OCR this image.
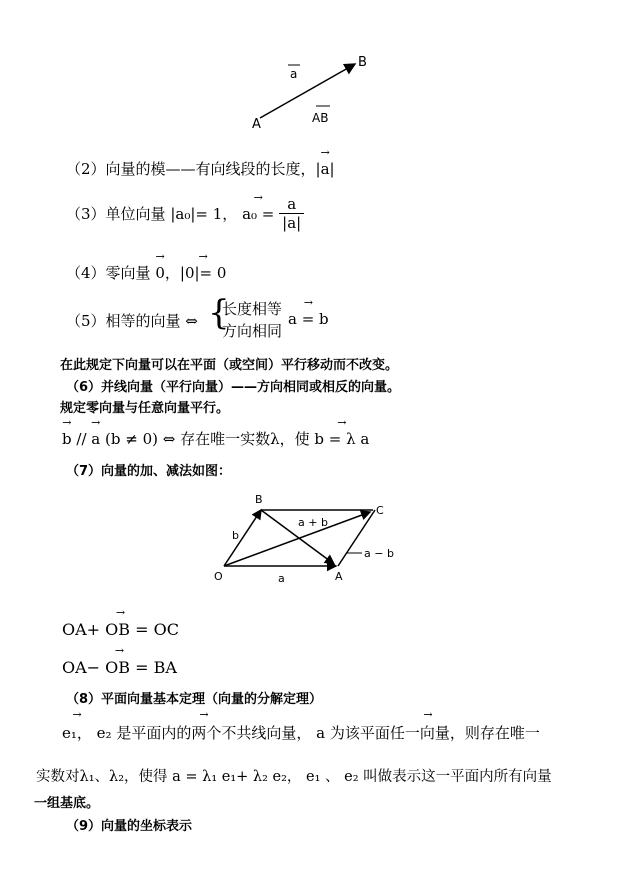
A
B
a
AB
（2）向量的模——有向线段的长度，→ |a|
（3）单位向量 |a₀|= 1， → $a_0 = \frac{a}{|a|}$
（4）零向量 → 0，→ |0|= 0
（5）相等的向量 ⇔ {
长度相等
方向相同
→ a = b
在此规定下向量可以在平面（或空间）平行移动而不改变。
（6）并线向量（平行向量）——方向相同或相反的向量。
规定零向量与任意向量平行。
→ b // → a (b ≠ 0) ⇔ 存在唯一实数λ，使 → b = λ a
（7）向量的加、减法如图：
O	A
B
C
a
b
a + b
a − b
→ OA+ OB = OC
→ OA− OB = BA
（8）平面向量基本定理（向量的分解定理）
→ e₁， → e₂ 是平面内的两个不共线向量， → a 为该平面任一向量，则存在唯一
实数对λ₁、λ₂，使得 a = λ₁ e₁+ λ₂ e₂， e₁ 、 e₂ 叫做表示这一平面内所有向量
一组基底。
（9）向量的坐标表示
